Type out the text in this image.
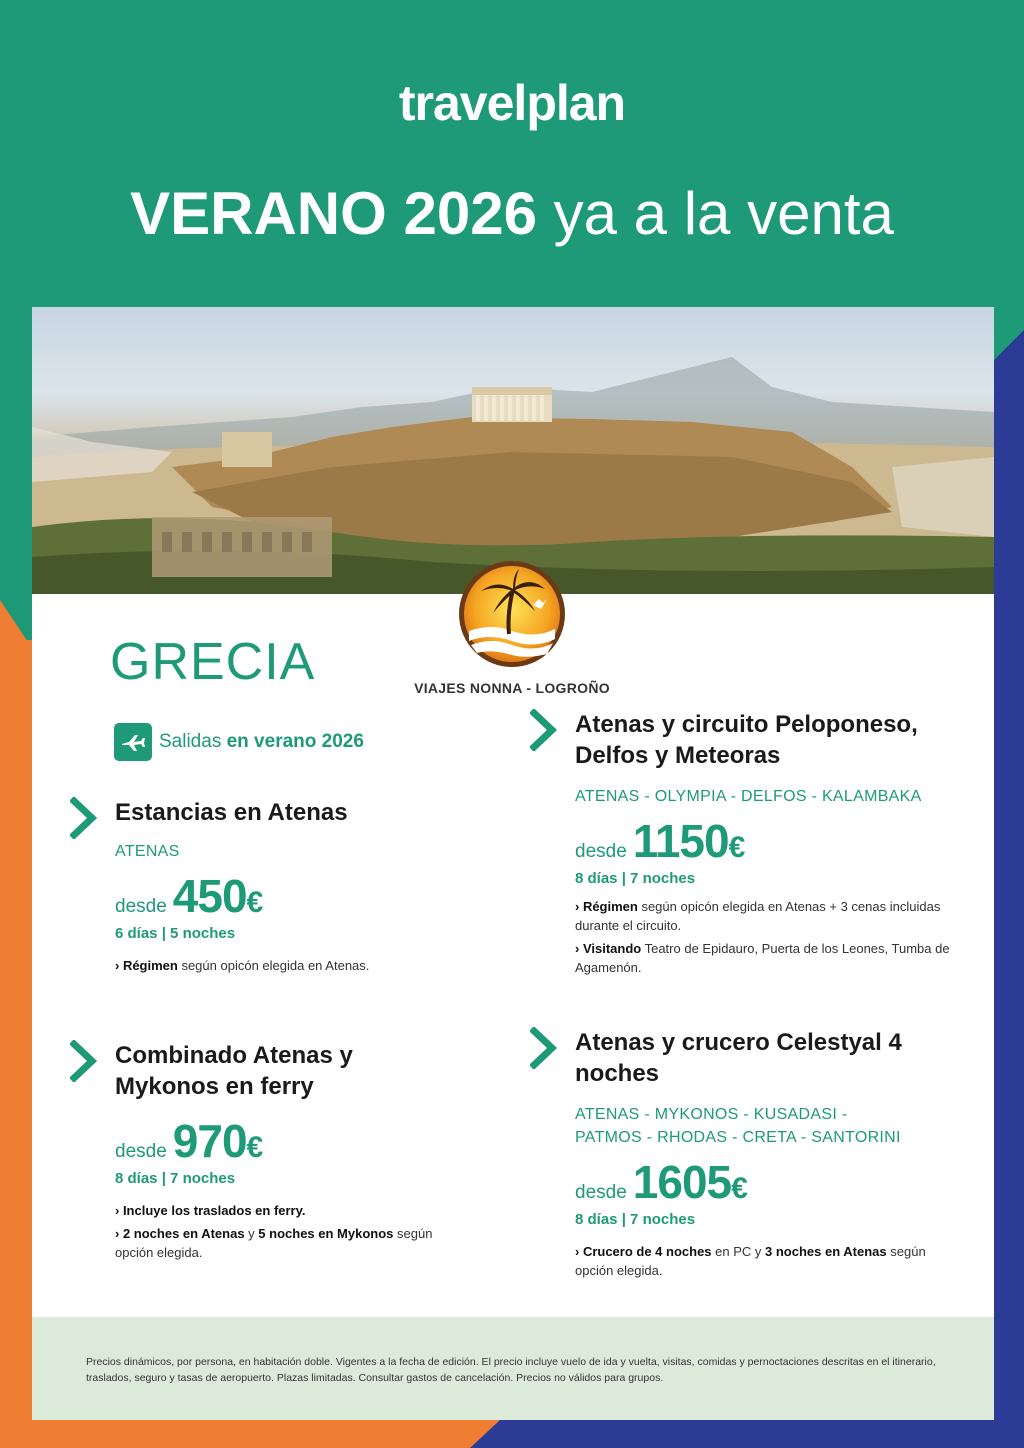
travelplan
VERANO 2026 ya a la venta
VIAJES NONNA - LOGROÑO
GRECIA
Salidas en verano 2026
Estancias en Atenas
ATENAS
desde 450 €
6 días | 5 noches

› Régimen según opicón elegida en Atenas.

Combinado Atenas y Mykonos en ferry
desde 970 €
8 días | 7 noches

› Incluye los traslados en ferry.

› 2 noches en Atenas y 5 noches en Mykonos según opción elegida.

Atenas y circuito Peloponeso, Delfos y Meteoras
ATENAS - OLYMPIA - DELFOS - KALAMBAKA
desde 1150 €
8 días | 7 noches

› Régimen según opicón elegida en Atenas + 3 cenas incluidas durante el circuito.

› Visitando Teatro de Epidauro, Puerta de los Leones, Tumba de Agamenón.

Atenas y crucero Celestyal 4 noches
ATENAS - MYKONOS - KUSADASI - PATMOS - RHODAS - CRETA - SANTORINI
desde 1605 €
8 días | 7 noches

› Crucero de 4 noches en PC y 3 noches en Atenas según opción elegida.

Precios dinámicos, por persona, en habitación doble. Vigentes a la fecha de edición. El precio incluye vuelo de ida y vuelta, visitas, comidas y pernoctaciones descritas en el itinerario, traslados, seguro y tasas de aeropuerto. Plazas limitadas. Consultar gastos de cancelación. Precios no válidos para grupos.
